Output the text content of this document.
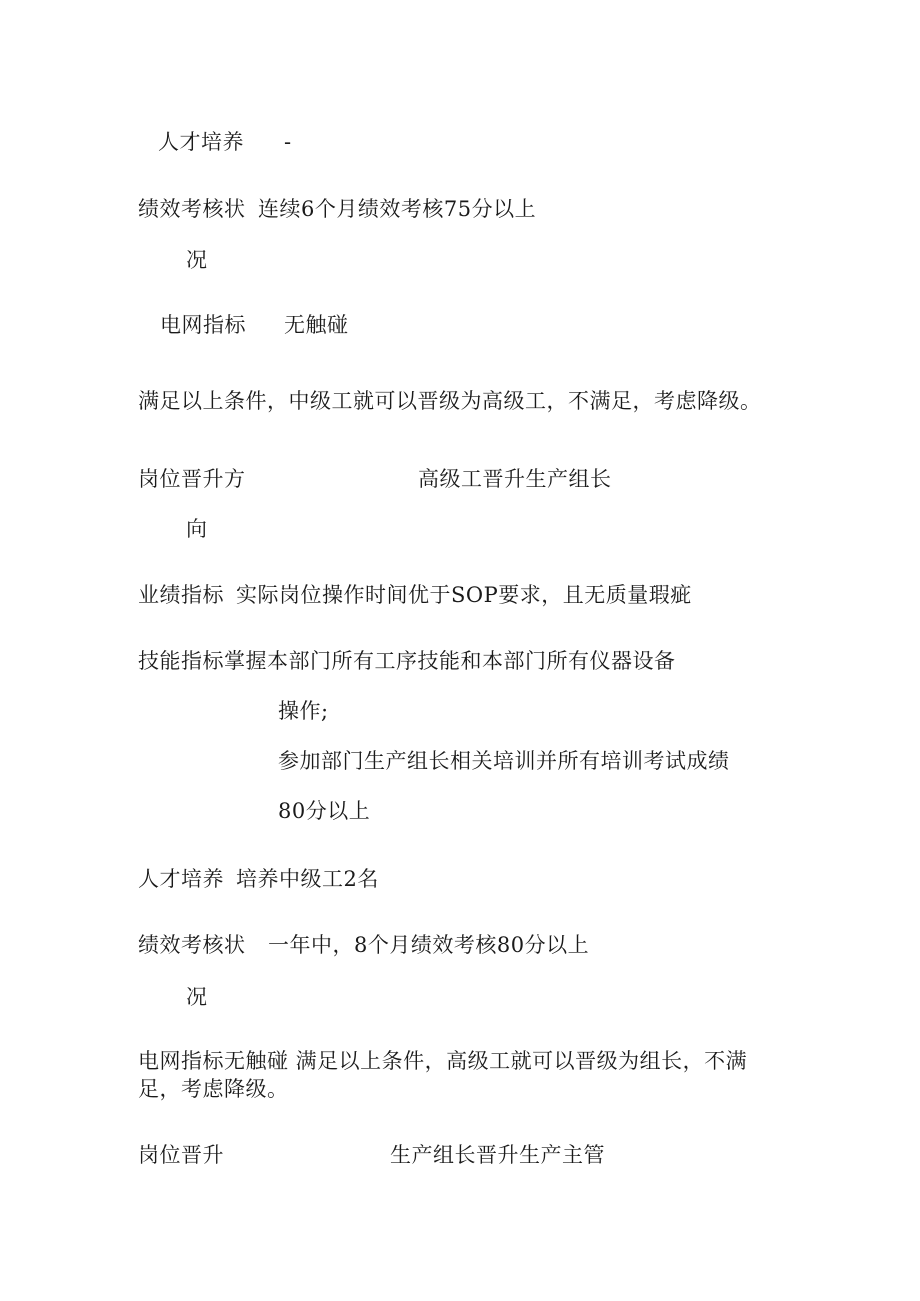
人才培养 -
绩效考核状 连续6个月绩效考核75分以上
况
电网指标 无触碰
满足以上条件，中级工就可以晋级为高级工，不满足，考虑降级。
岗位晋升方	高级工晋升生产组长
向
业绩指标 实际岗位操作时间优于SOP要求，且无质量瑕疵
技能指标掌握本部门所有工序技能和本部门所有仪器设备
操作;
参加部门生产组长相关培训并所有培训考试成绩
80分以上
人才培养 培养中级工2名
绩效考核状 一年中，8个月绩效考核80分以上
况
电网指标无触碰 满足以上条件，高级工就可以晋级为组长，不满
足，考虑降级。
岗位晋升	生产组长晋升生产主管
